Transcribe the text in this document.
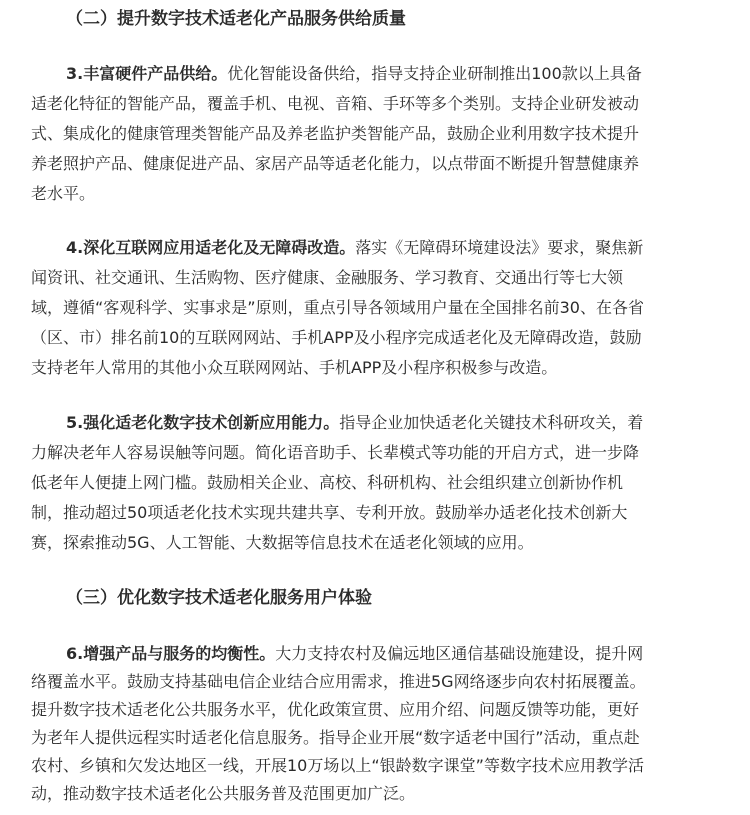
（二）提升数字技术适老化产品服务供给质量
3.丰富硬件产品供给。优化智能设备供给，指导支持企业研制推出100款以上具备
适老化特征的智能产品，覆盖手机、电视、音箱、手环等多个类别。支持企业研发被动
式、集成化的健康管理类智能产品及养老监护类智能产品，鼓励企业利用数字技术提升
养老照护产品、健康促进产品、家居产品等适老化能力，以点带面不断提升智慧健康养
老水平。
4.深化互联网应用适老化及无障碍改造。落实《无障碍环境建设法》要求，聚焦新
闻资讯、社交通讯、生活购物、医疗健康、金融服务、学习教育、交通出行等七大领
域，遵循“客观科学、实事求是”原则，重点引导各领域用户量在全国排名前30、在各省
（区、市）排名前10的互联网网站、手机APP及小程序完成适老化及无障碍改造，鼓励
支持老年人常用的其他小众互联网网站、手机APP及小程序积极参与改造。
5.强化适老化数字技术创新应用能力。指导企业加快适老化关键技术科研攻关，着
力解决老年人容易误触等问题。简化语音助手、长辈模式等功能的开启方式，进一步降
低老年人便捷上网门槛。鼓励相关企业、高校、科研机构、社会组织建立创新协作机
制，推动超过50项适老化技术实现共建共享、专利开放。鼓励举办适老化技术创新大
赛，探索推动5G、人工智能、大数据等信息技术在适老化领域的应用。
（三）优化数字技术适老化服务用户体验
6.增强产品与服务的均衡性。大力支持农村及偏远地区通信基础设施建设，提升网
络覆盖水平。鼓励支持基础电信企业结合应用需求，推进5G网络逐步向农村拓展覆盖。
提升数字技术适老化公共服务水平，优化政策宣贯、应用介绍、问题反馈等功能，更好
为老年人提供远程实时适老化信息服务。指导企业开展“数字适老中国行”活动，重点赴
农村、乡镇和欠发达地区一线，开展10万场以上“银龄数字课堂”等数字技术应用教学活
动，推动数字技术适老化公共服务普及范围更加广泛。
